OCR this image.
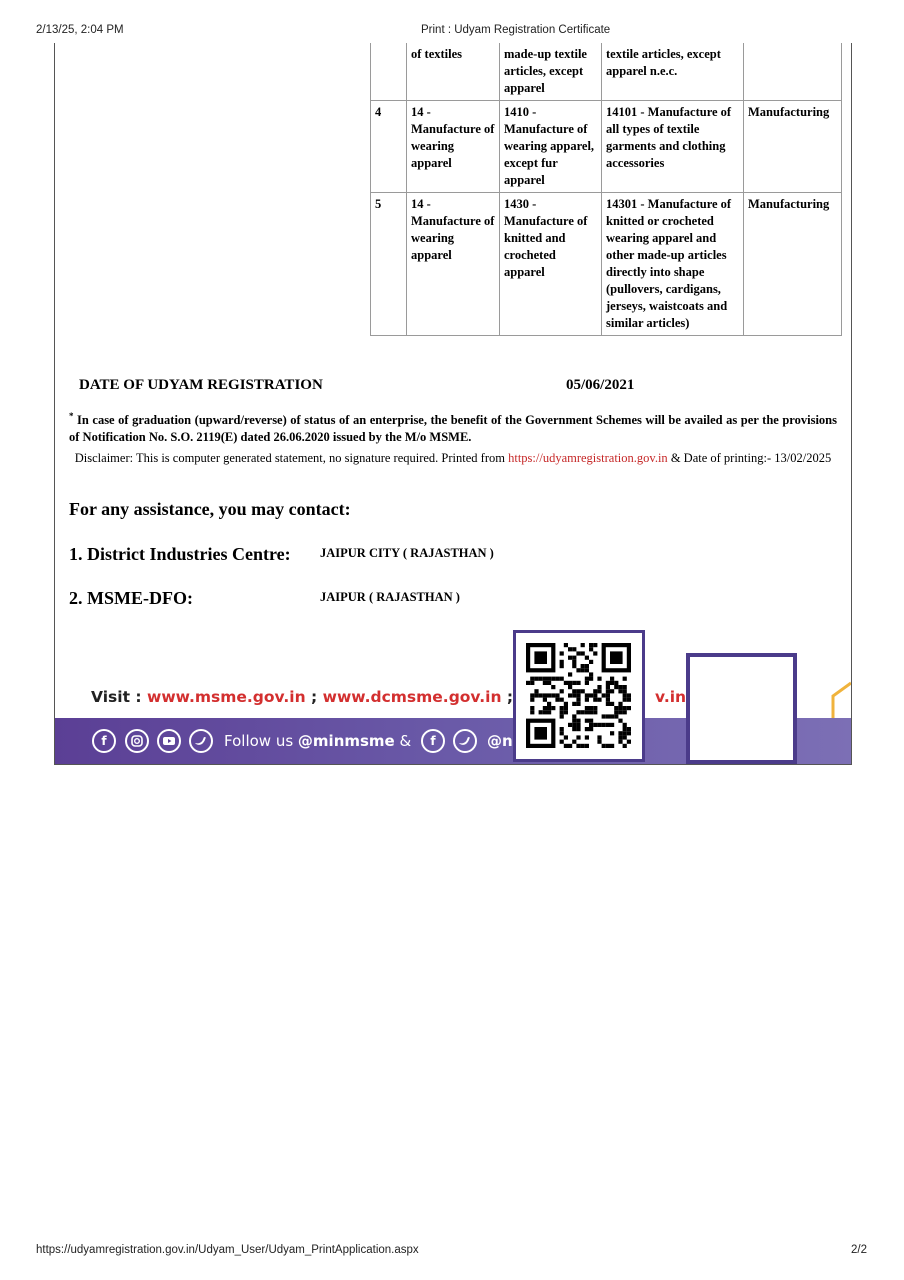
2/13/25, 2:04 PM	Print : Udyam Registration Certificate
	of textiles	made-up textile articles, except apparel	textile articles, except apparel n.e.c.	
4	14 - Manufacture of wearing apparel	1410 - Manufacture of wearing apparel, except fur apparel	14101 - Manufacture of all types of textile garments and clothing accessories	Manufacturing
5	14 - Manufacture of wearing apparel	1430 - Manufacture of knitted and crocheted apparel	14301 - Manufacture of knitted or crocheted wearing apparel and other made-up articles directly into shape (pullovers, cardigans, jerseys, waistcoats and similar articles)	Manufacturing
DATE OF UDYAM REGISTRATION	05/06/2021
* In case of graduation (upward/reverse) of status of an enterprise, the benefit of the Government Schemes will be availed as per the provisions of Notification No. S.O. 2119(E) dated 26.06.2020 issued by the M/o MSME.
Disclaimer: This is computer generated statement, no signature required. Printed from https://udyamregistration.gov.in & Date of printing:- 13/02/2025
For any assistance, you may contact:
1. District Industries Centre: JAIPUR CITY ( RAJASTHAN )
2. MSME-DFO:	JAIPUR ( RAJASTHAN )
Visit : www.msme.gov.in ; www.dcmsme.gov.in ;	v.in
f	Follow us @minmsme &	f	@n
https://udyamregistration.gov.in/Udyam_User/Udyam_PrintApplication.aspx	2/2
